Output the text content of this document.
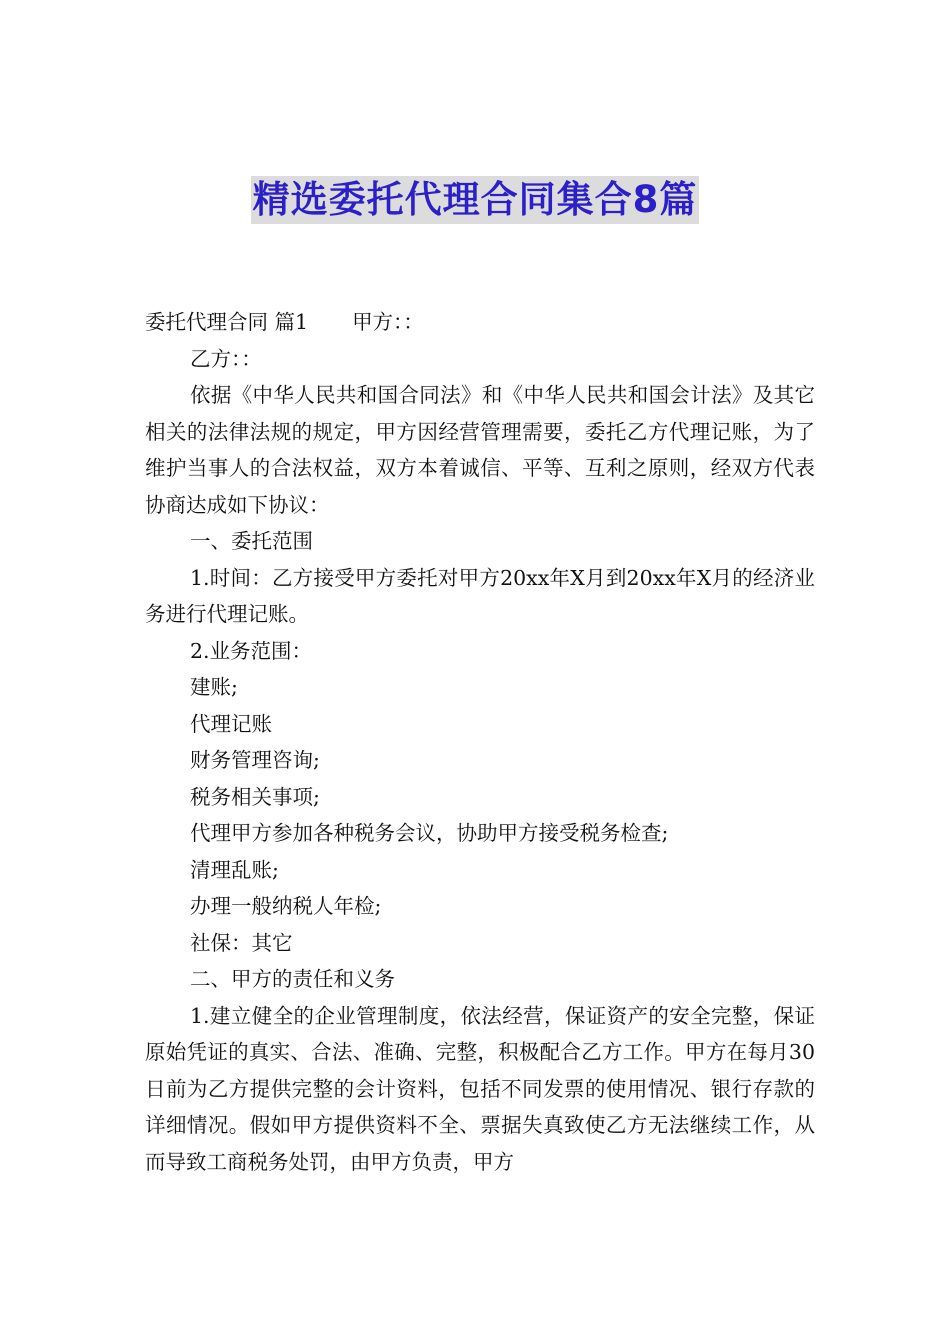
精选委托代理合同集合8篇

委托代理合同 篇1 甲方：：

乙方：：

依据《中华人民共和国合同法》和《中华人民共和国会计法》及其它相关的法律法规的规定，甲方因经营管理需要，委托乙方代理记账，为了维护当事人的合法权益，双方本着诚信、平等、互利之原则，经双方代表协商达成如下协议：

一、委托范围

1.时间：乙方接受甲方委托对甲方20xx年X月到20xx年X月的经济业务进行代理记账。

2.业务范围：

建账;

代理记账

财务管理咨询;

税务相关事项;

代理甲方参加各种税务会议，协助甲方接受税务检查;

清理乱账;

办理一般纳税人年检;

社保：其它

二、甲方的责任和义务

1.建立健全的企业管理制度，依法经营，保证资产的安全完整，保证原始凭证的真实、合法、准确、完整，积极配合乙方工作。甲方在每月30日前为乙方提供完整的会计资料，包括不同发票的使用情况、银行存款的详细情况。假如甲方提供资料不全、票据失真致使乙方无法继续工作，从而导致工商税务处罚，由甲方负责，甲方
